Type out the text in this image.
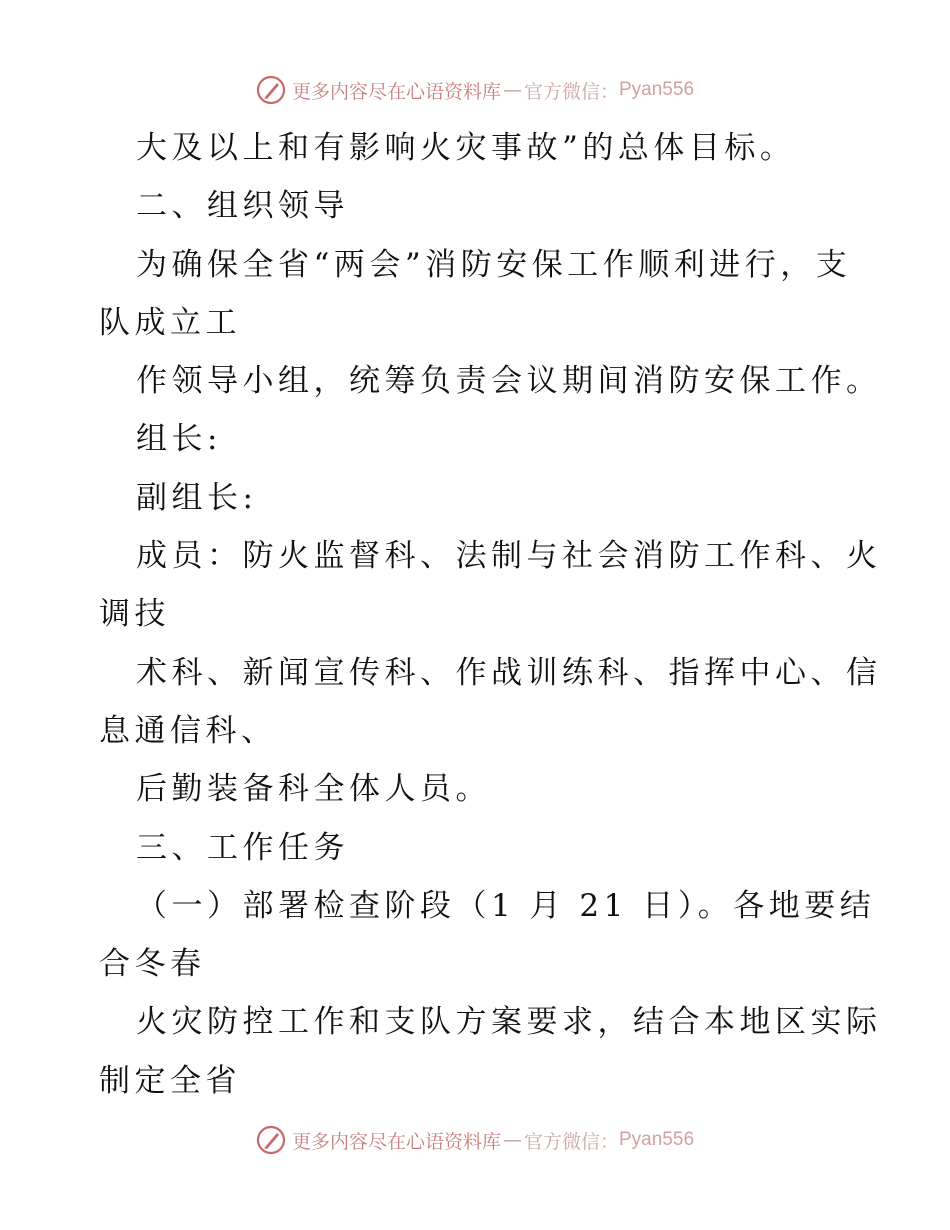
更多内容尽在心语资料库 — 官方微信： Pyan556
大及以上和有影响火灾事故”的总体目标。
二、组织领导
为确保全省“两会”消防安保工作顺利进行，支
队成立工
作领导小组，统筹负责会议期间消防安保工作。
组长:
副组长:
成员：防火监督科、法制与社会消防工作科、火
调技
术科、新闻宣传科、作战训练科、指挥中心、信
息通信科、
后勤装备科全体人员。
三、工作任务
（一）部署检查阶段（1 月 21 日）。各地要结
合冬春
火灾防控工作和支队方案要求，结合本地区实际
制定全省
更多内容尽在心语资料库 — 官方微信： Pyan556
